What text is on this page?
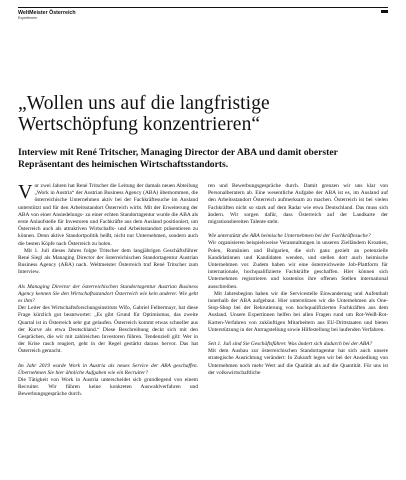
WeltMeister Österreich
Expertinnen
„Wollen uns auf die langfristige Wertschöpfung konzentrieren“

Interview mit René Tritscher, Managing Director der ABA und damit oberster Repräsentant des heimischen Wirtschaftsstandorts.

Vor zwei Jahren hat René Tritscher die Leitung der damals neuen Abteilung „Work in Austria“ der Austrian Business Agency (ABA) übernommen, die österreichische Unternehmen aktiv bei der Fachkräftesuche im Ausland unterstützt und für den Arbeitsstandort Österreich wirbt. Mit der Erweiterung der ABA von einer Ansiedelungs- zu einer echten Standortagentur wurde die ABA als erste Anlaufstelle für Investoren und Fachkräfte aus dem Ausland positioniert, um Österreich auch als attraktiven Wirtschafts- und Arbeitsstandort präsentieren zu können. Denn aktive Standortpolitik heißt, nicht nur Unternehmen, sondern auch die besten Köpfe nach Österreich zu holen.

Mit 1. Juli dieses Jahres folgte Tritscher dem langjährigen Geschäftsführer René Siegl als Managing Director der österreichischen Standortagentur Austrian Business Agency (ABA) nach. Weltmeister Österreich traf René Tritscher zum Interview.

Als Managing Director der österreichischen Standortagentur Austrian Business Agency kennen Sie den Wirtschaftsstandort Österreich wie kein anderer. Wie geht es ihm?

Der Leiter des Wirtschaftsforschungsinstituts Wifo, Gabriel Felbermayr, hat diese Frage kürzlich gut beantwortet: „Es gibt Grund für Optimismus, das zweite Quartal ist in Österreich sehr gut gelaufen. Österreich kommt etwas schneller aus der Kurve als etwa Deutschland.“ Diese Beschreibung deckt sich mit den Gesprächen, die wir mit zahlreichen Investoren führen. Tendenziell gilt: Wer in der Krise rasch reagiert, geht in der Regel gestärkt daraus hervor. Das hat Österreich gemacht.

Im Jahr 2019 wurde Work in Austria als neues Service der ABA geschaffen. Übernehmen Sie hier ähnliche Aufgaben wie ein Recruiter?

Die Tätigkeit von Work in Austria unterscheidet sich grundlegend von einem Recruiter. Wir führen keine konkreten Auswahlverfahren und Bewerbungsgespräche durch.

ren und Bewerbungsgespräche durch. Damit grenzen wir uns klar von Personalberatern ab. Eine wesentliche Aufgabe der ABA ist es, im Ausland auf den Arbeitsstandort Österreich aufmerksam zu machen. Österreich ist bei vielen Fachkräften nicht so stark auf dem Radar wie etwa Deutschland. Das muss sich ändern. Wir sorgen dafür, dass Österreich auf der Landkarte der migrationsbereiten Talente steht.

Wie unterstützt die ABA heimische Unternehmen bei der Fachkräftesuche?

Wir organisieren beispielsweise Veranstaltungen in unseren Zielländern Kroatien, Polen, Rumänien und Bulgarien, die sich ganz gezielt an potenzielle Kandidatinnen und Kandidaten wenden, und stellen dort auch heimische Unternehmen vor. Zudem haben wir eine österreichweite Job-Plattform für internationale, hochqualifizierte Fachkräfte geschaffen. Hier können sich Unternehmen registrieren und kostenlos ihre offenen Stellen international ausschreiben.

Mit Jahresbeginn haben wir die Servicestelle Einwanderung und Aufenthalt innerhalb der ABA aufgebaut. Hier unterstützen wir die Unternehmen als One-Stop-Shop bei der Rekrutierung von hochqualifizierten Fachkräften aus dem Ausland. Unsere Expertinnen helfen bei allen Fragen rund um Rot-Weiß-Rot-Karten-Verfahren von zukünftigen Mitarbeitern aus EU-Drittstaaten und bieten Unterstützung in der Antragstellung sowie Hilfestellung bei laufenden Verfahren.

Seit 1. Juli sind Sie Geschäftsführer. Was ändert sich dadurch bei der ABA?

Mit dem Ausbau zur österreichischen Standortagentur hat sich auch unsere strategische Ausrichtung verändert: In Zukunft legen wir bei der Ansiedlung von Unternehmen noch mehr Wert auf die Qualität als auf die Quantität. Für uns ist der volkswirtschaftliche
